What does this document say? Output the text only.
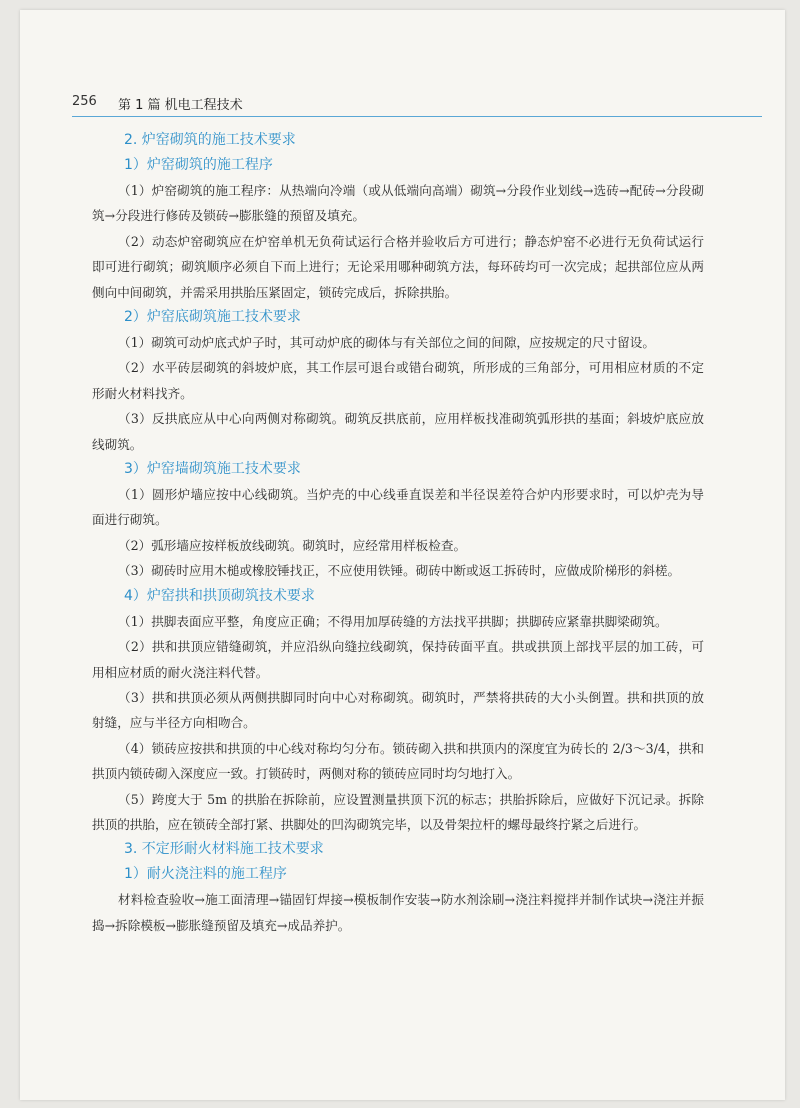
256 第 1 篇 机电工程技术
2. 炉窑砌筑的施工技术要求
1）炉窑砌筑的施工程序

（1）炉窑砌筑的施工程序：从热端向冷端（或从低端向高端）砌筑→分段作业划线→选砖→配砖→分段砌筑→分段进行修砖及锁砖→膨胀缝的预留及填充。

（2）动态炉窑砌筑应在炉窑单机无负荷试运行合格并验收后方可进行；静态炉窑不必进行无负荷试运行即可进行砌筑；砌筑顺序必须自下而上进行；无论采用哪种砌筑方法，每环砖均可一次完成；起拱部位应从两侧向中间砌筑，并需采用拱胎压紧固定，锁砖完成后，拆除拱胎。

2）炉窑底砌筑施工技术要求

（1）砌筑可动炉底式炉子时，其可动炉底的砌体与有关部位之间的间隙，应按规定的尺寸留设。

（2）水平砖层砌筑的斜坡炉底，其工作层可退台或错台砌筑，所形成的三角部分，可用相应材质的不定形耐火材料找齐。

（3）反拱底应从中心向两侧对称砌筑。砌筑反拱底前，应用样板找准砌筑弧形拱的基面；斜坡炉底应放线砌筑。

3）炉窑墙砌筑施工技术要求

（1）圆形炉墙应按中心线砌筑。当炉壳的中心线垂直误差和半径误差符合炉内形要求时，可以炉壳为导面进行砌筑。

（2）弧形墙应按样板放线砌筑。砌筑时，应经常用样板检查。

（3）砌砖时应用木槌或橡胶锤找正，不应使用铁锤。砌砖中断或返工拆砖时，应做成阶梯形的斜槎。

4）炉窑拱和拱顶砌筑技术要求

（1）拱脚表面应平整，角度应正确；不得用加厚砖缝的方法找平拱脚；拱脚砖应紧靠拱脚梁砌筑。

（2）拱和拱顶应错缝砌筑，并应沿纵向缝拉线砌筑，保持砖面平直。拱或拱顶上部找平层的加工砖，可用相应材质的耐火浇注料代替。

（3）拱和拱顶必须从两侧拱脚同时向中心对称砌筑。砌筑时，严禁将拱砖的大小头倒置。拱和拱顶的放射缝，应与半径方向相吻合。

（4）锁砖应按拱和拱顶的中心线对称均匀分布。锁砖砌入拱和拱顶内的深度宜为砖长的 2/3～3/4，拱和拱顶内锁砖砌入深度应一致。打锁砖时，两侧对称的锁砖应同时均匀地打入。

（5）跨度大于 5m 的拱胎在拆除前，应设置测量拱顶下沉的标志；拱胎拆除后，应做好下沉记录。拆除拱顶的拱胎，应在锁砖全部打紧、拱脚处的凹沟砌筑完毕，以及骨架拉杆的螺母最终拧紧之后进行。

3. 不定形耐火材料施工技术要求
1）耐火浇注料的施工程序

材料检查验收→施工面清理→锚固钉焊接→模板制作安装→防水剂涂刷→浇注料搅拌并制作试块→浇注并振捣→拆除模板→膨胀缝预留及填充→成品养护。
